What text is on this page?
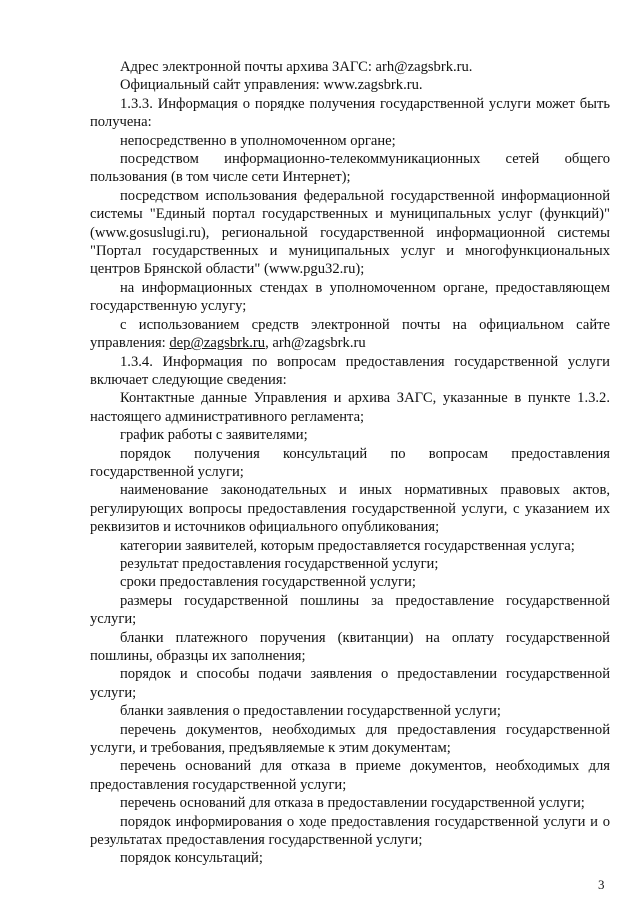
Адрес электронной почты архива ЗАГС: arh@zagsbrk.ru.

Официальный сайт управления: www.zagsbrk.ru.

1.3.3. Информация о порядке получения государственной услуги может быть получена:

непосредственно в уполномоченном органе;

посредством информационно-телекоммуникационных сетей общего пользования (в том числе сети Интернет);

посредством использования федеральной государственной информационной системы "Единый портал государственных и муниципальных услуг (функций)" (www.gosuslugi.ru), региональной государственной информационной системы "Портал государственных и муниципальных услуг и многофункциональных центров Брянской области" (www.pgu32.ru);

на информационных стендах в уполномоченном органе, предоставляющем государственную услугу;

с использованием средств электронной почты на официальном сайте управления: dep@zagsbrk.ru, arh@zagsbrk.ru

1.3.4. Информация по вопросам предоставления государственной услуги включает следующие сведения:

Контактные данные Управления и архива ЗАГС, указанные в пункте 1.3.2. настоящего административного регламента;

график работы с заявителями;

порядок получения консультаций по вопросам предоставления государственной услуги;

наименование законодательных и иных нормативных правовых актов, регулирующих вопросы предоставления государственной услуги, с указанием их реквизитов и источников официального опубликования;

категории заявителей, которым предоставляется государственная услуга;

результат предоставления государственной услуги;

сроки предоставления государственной услуги;

размеры государственной пошлины за предоставление государственной услуги;

бланки платежного поручения (квитанции) на оплату государственной пошлины, образцы их заполнения;

порядок и способы подачи заявления о предоставлении государственной услуги;

бланки заявления о предоставлении государственной услуги;

перечень документов, необходимых для предоставления государственной услуги, и требования, предъявляемые к этим документам;

перечень оснований для отказа в приеме документов, необходимых для предоставления государственной услуги;

перечень оснований для отказа в предоставлении государственной услуги;

порядок информирования о ходе предоставления государственной услуги и о результатах предоставления государственной услуги;

порядок консультаций;

3
